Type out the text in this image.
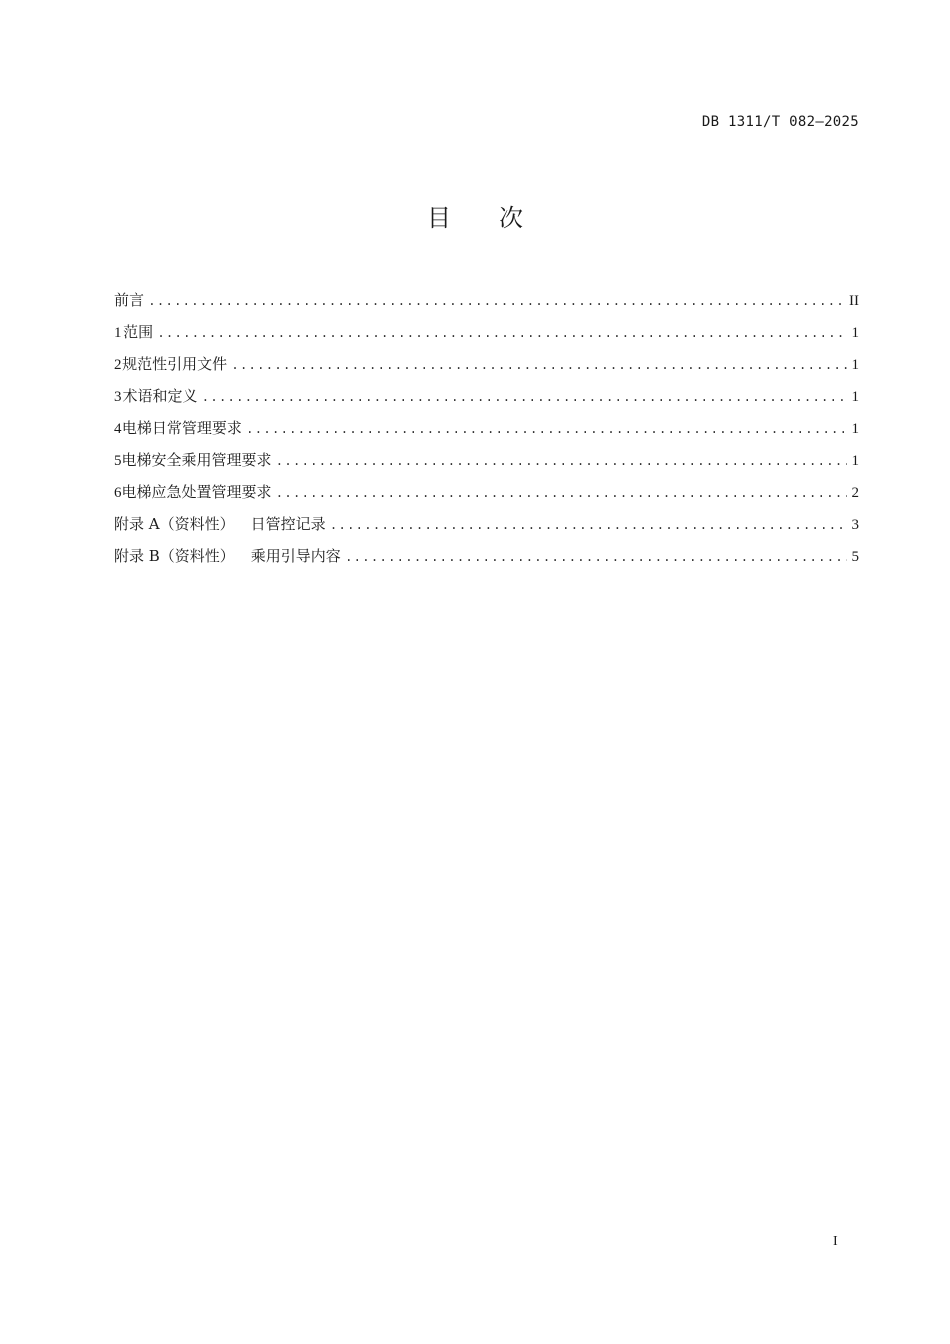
DB 1311/T 082—2025
目 次
前言 .....	II
1 范围 .....	1
2 规范性引用文件 .....	1
3 术语和定义 .....	1
4 电梯日常管理要求 .....	1
5 电梯安全乘用管理要求 .....	1
6 电梯应急处置管理要求 .....	2
附录 A（资料性） 日管控记录 .....	3
附录 B（资料性） 乘用引导内容 .....	5
I
